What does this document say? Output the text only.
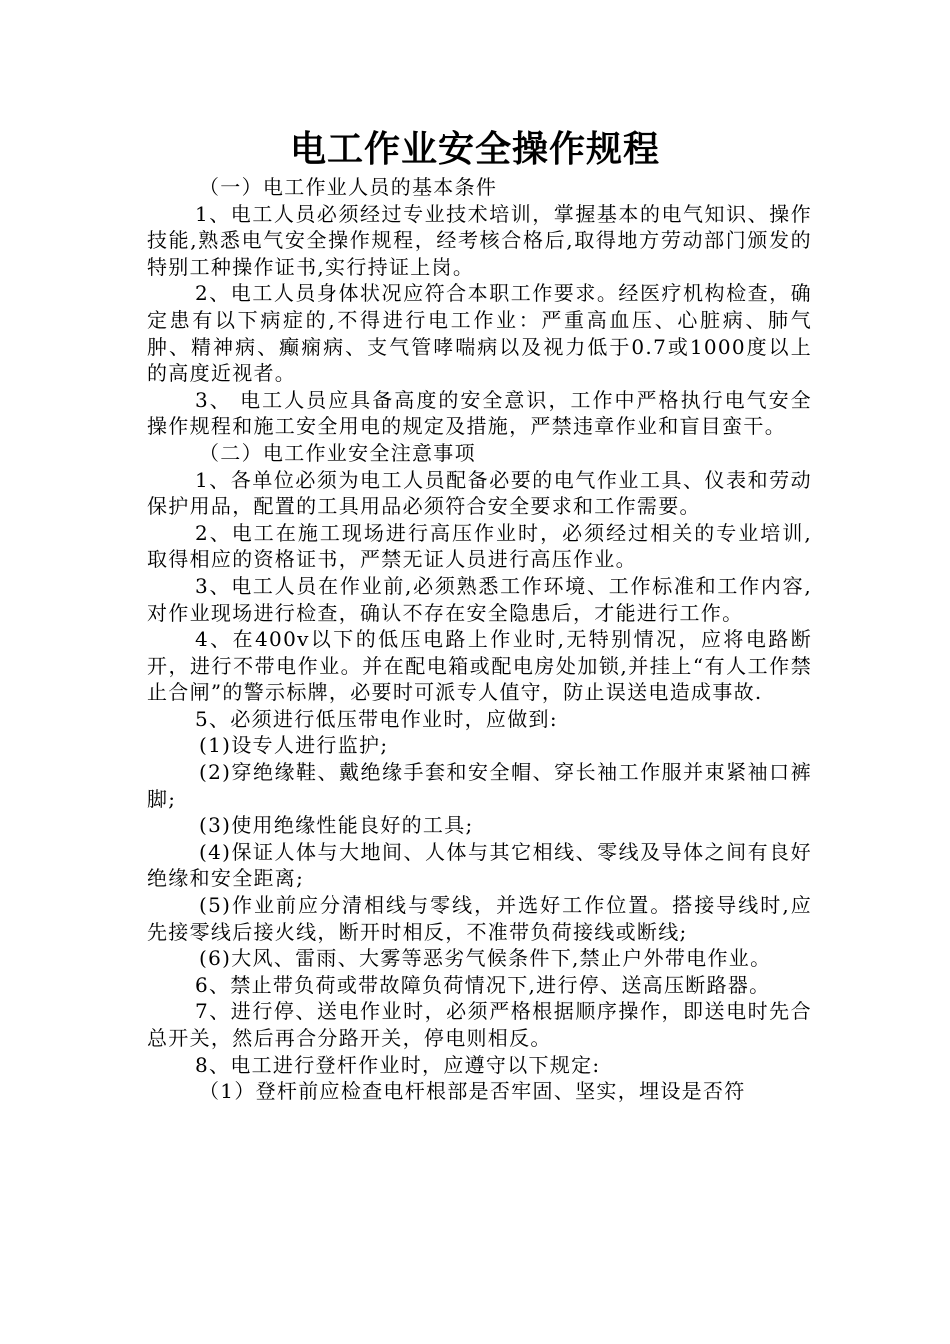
电工作业安全操作规程

（一）电工作业人员的基本条件

1、电工人员必须经过专业技术培训，掌握基本的电气知识、操作技能,熟悉电气安全操作规程，经考核合格后,取得地方劳动部门颁发的特别工种操作证书,实行持证上岗。

2、电工人员身体状况应符合本职工作要求。经医疗机构检查，确定患有以下病症的,不得进行电工作业：严重高血压、心脏病、肺气肿、精神病、癫痫病、支气管哮喘病以及视力低于0.7或1000度以上的高度近视者。

3、 电工人员应具备高度的安全意识，工作中严格执行电气安全操作规程和施工安全用电的规定及措施，严禁违章作业和盲目蛮干。

（二）电工作业安全注意事项

1、各单位必须为电工人员配备必要的电气作业工具、仪表和劳动保护用品，配置的工具用品必须符合安全要求和工作需要。

2、电工在施工现场进行高压作业时，必须经过相关的专业培训,取得相应的资格证书，严禁无证人员进行高压作业。

3、电工人员在作业前,必须熟悉工作环境、工作标准和工作内容,对作业现场进行检查，确认不存在安全隐患后，才能进行工作。

4、在400v以下的低压电路上作业时,无特别情况，应将电路断开，进行不带电作业。并在配电箱或配电房处加锁,并挂上“有人工作禁止合闸”的警示标牌，必要时可派专人值守，防止误送电造成事故.

5、必须进行低压带电作业时，应做到:

(1)设专人进行监护;

(2)穿绝缘鞋、戴绝缘手套和安全帽、穿长袖工作服并束紧袖口裤脚;

(3)使用绝缘性能良好的工具;

(4)保证人体与大地间、人体与其它相线、零线及导体之间有良好绝缘和安全距离;

(5)作业前应分清相线与零线，并选好工作位置。搭接导线时,应先接零线后接火线，断开时相反，不准带负荷接线或断线;

(6)大风、雷雨、大雾等恶劣气候条件下,禁止户外带电作业。

6、禁止带负荷或带故障负荷情况下,进行停、送高压断路器。

7、进行停、送电作业时，必须严格根据顺序操作，即送电时先合总开关，然后再合分路开关，停电则相反。

8、电工进行登杆作业时，应遵守以下规定:

（1）登杆前应检查电杆根部是否牢固、坚实，埋设是否符
